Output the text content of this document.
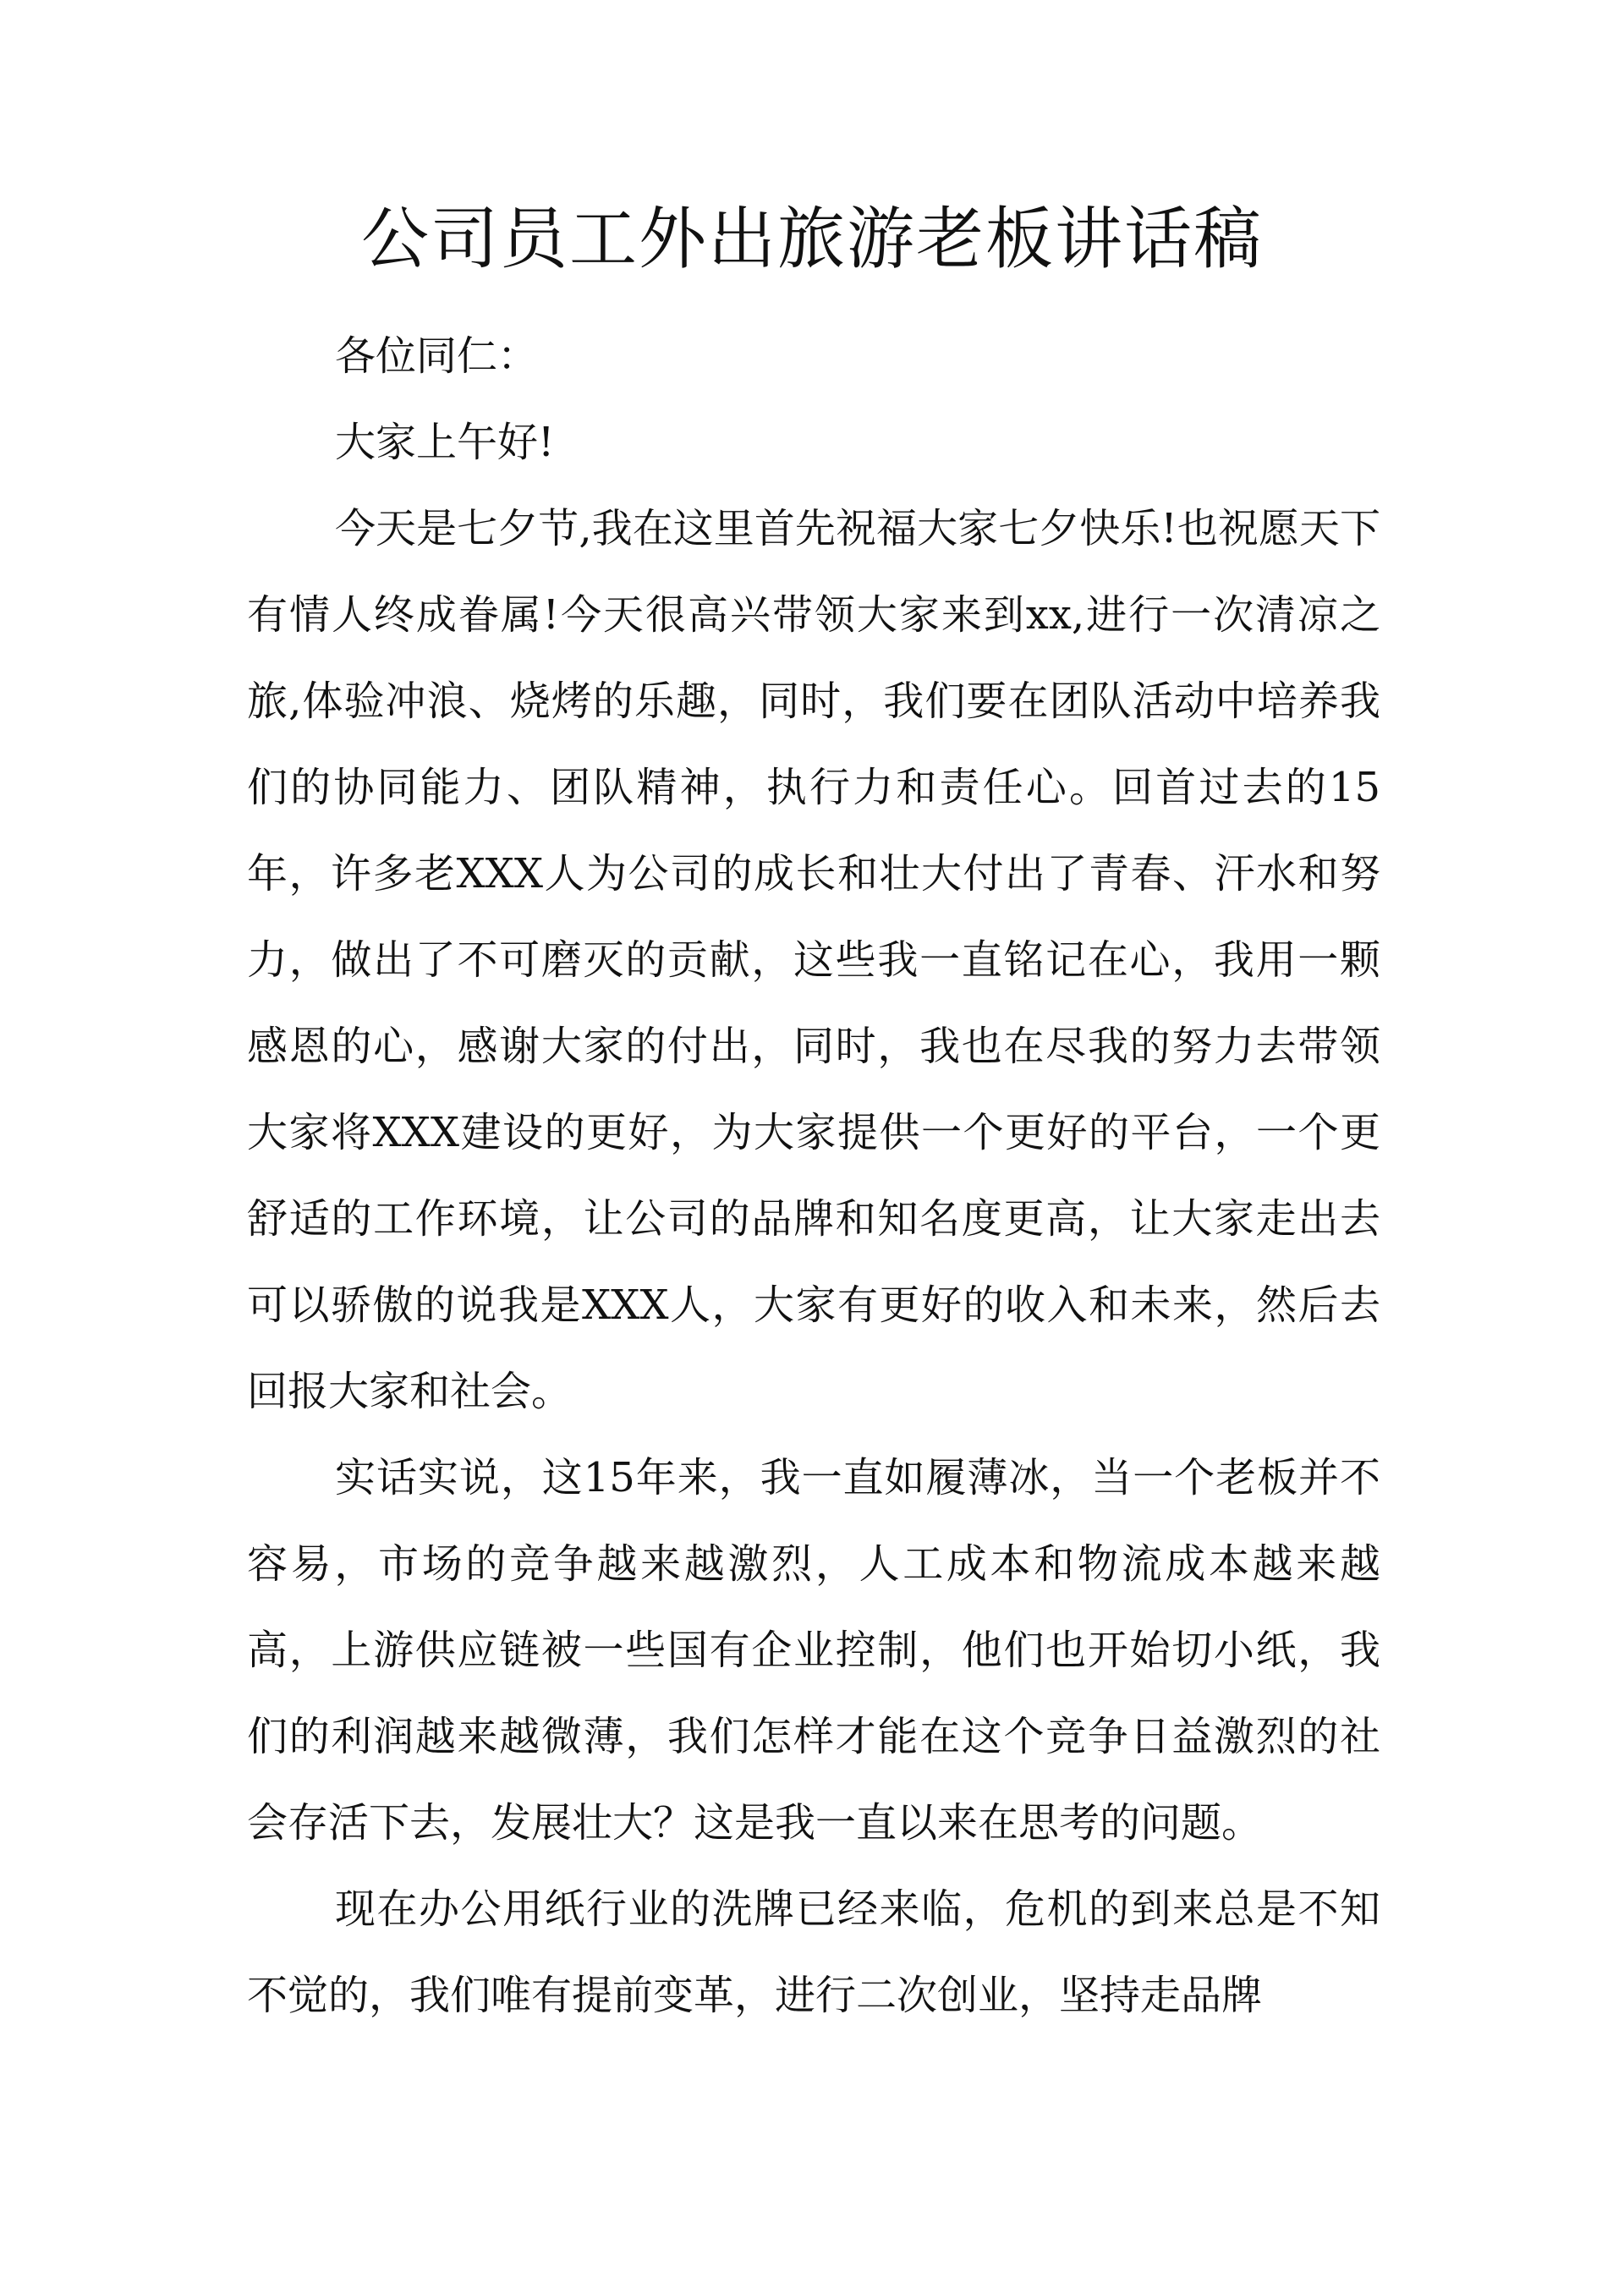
公司员工外出旅游老板讲话稿

各位同仁：

大家上午好!

今天是七夕节,我在这里首先祝福大家七夕快乐!也祝愿天下有情人终成眷属!今天很高兴带领大家来到xx,进行一次清凉之旅,体验冲浪、烧烤的乐趣，同时，我们要在团队活动中培养我们的协同能力、团队精神，执行力和责任心。回首过去的15年，许多老XXX人为公司的成长和壮大付出了青春、汗水和努力，做出了不可磨灭的贡献，这些我一直铭记在心，我用一颗感恩的心，感谢大家的付出，同时，我也在尽我的努力去带领大家将XXX建设的更好，为大家提供一个更好的平台，一个更舒适的工作环境，让公司的品牌和知名度更高，让大家走出去可以骄傲的说我是XXX人，大家有更好的收入和未来，然后去回报大家和社会。

实话实说，这15年来，我一直如履薄冰，当一个老板并不容易，市场的竞争越来越激烈，人工成本和物流成本越来越高，上游供应链被一些国有企业控制，他们也开始切小纸，我们的利润越来越微薄，我们怎样才能在这个竞争日益激烈的社会存活下去，发展壮大？这是我一直以来在思考的问题。

现在办公用纸行业的洗牌已经来临，危机的到来总是不知不觉的，我们唯有提前变革，进行二次创业，坚持走品牌
